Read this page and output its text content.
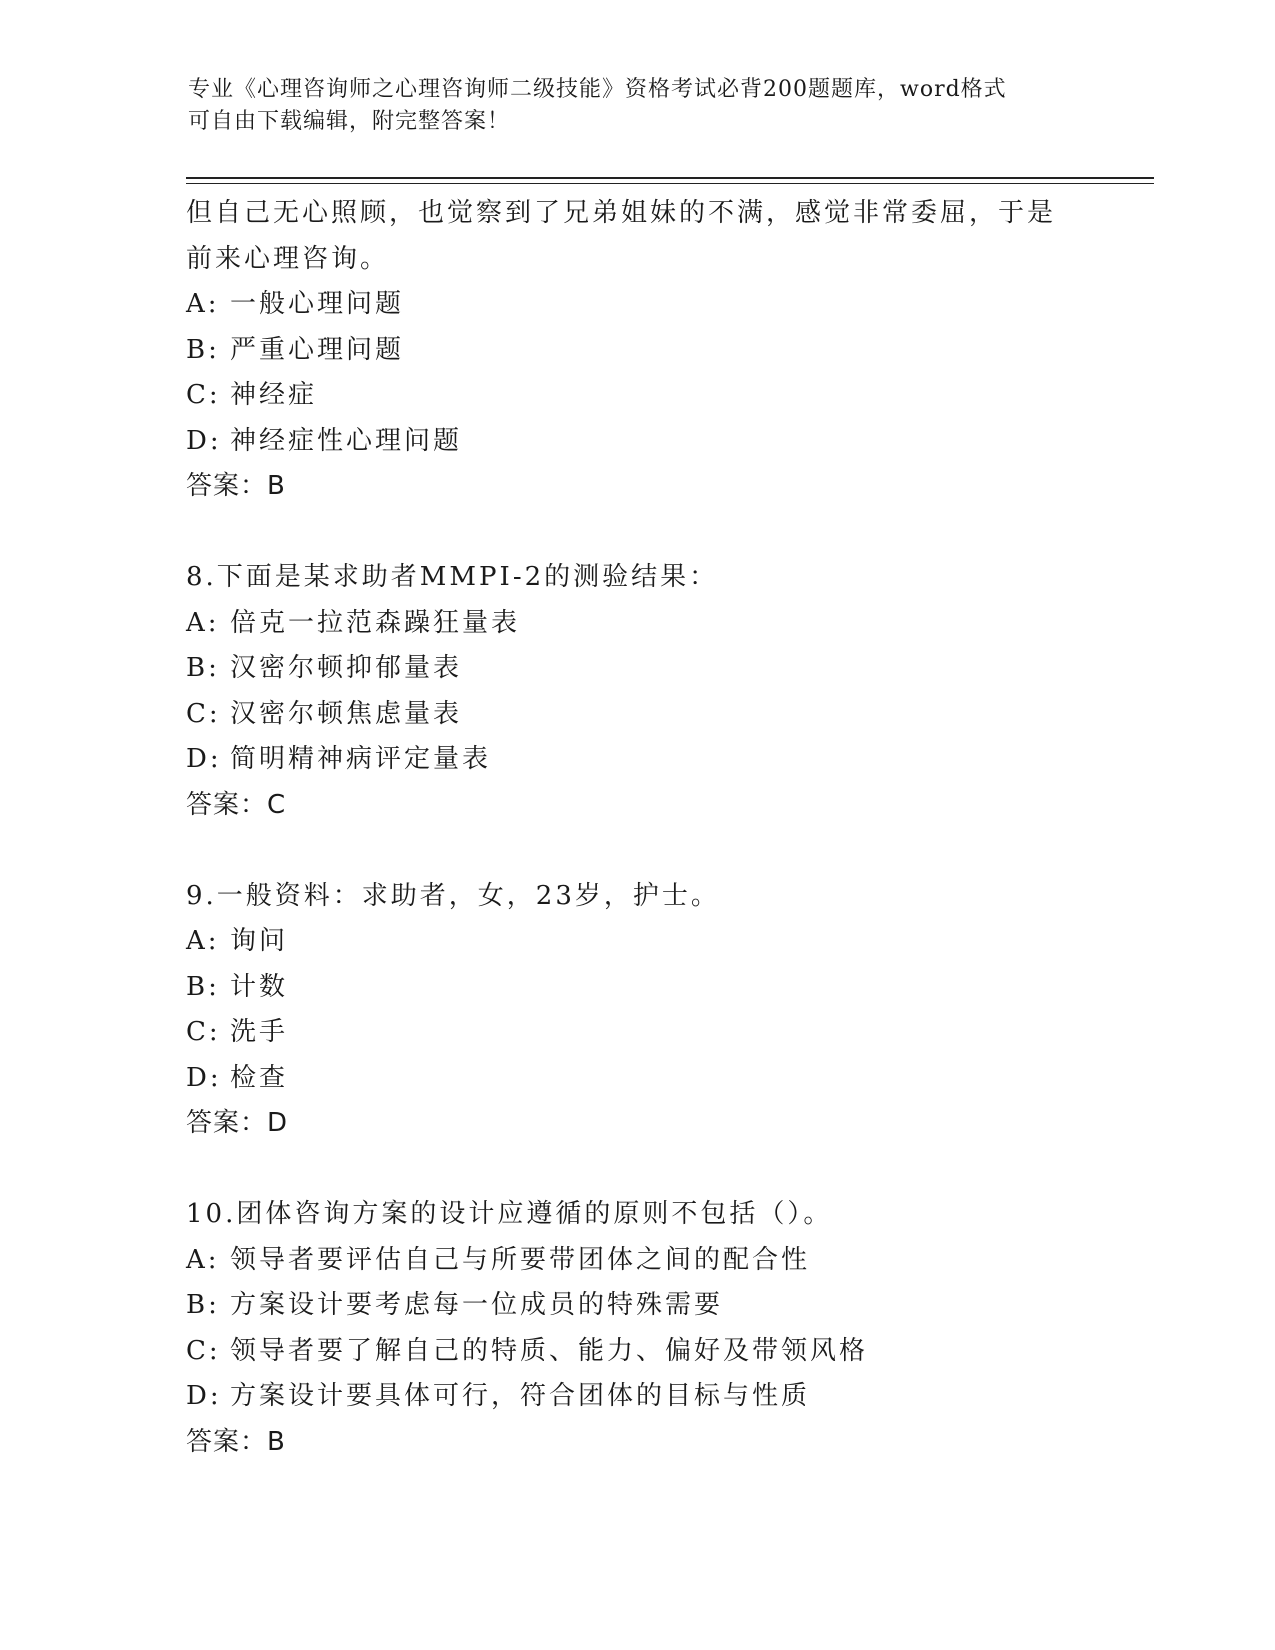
专业《心理咨询师之心理咨询师二级技能》资格考试必背200题题库，word格式
可自由下载编辑，附完整答案！
但自己无心照顾，也觉察到了兄弟姐妹的不满，感觉非常委屈，于是
前来心理咨询。
A: 一般心理问题
B: 严重心理问题
C: 神经症
D: 神经症性心理问题
答案：B
8.下面是某求助者MMPI-2的测验结果：
A: 倍克一拉范森躁狂量表
B: 汉密尔顿抑郁量表
C: 汉密尔顿焦虑量表
D: 简明精神病评定量表
答案：C
9.一般资料：求助者，女，23岁，护士。
A: 询问
B: 计数
C: 洗手
D: 检查
答案：D
10.团体咨询方案的设计应遵循的原则不包括（）。
A: 领导者要评估自己与所要带团体之间的配合性
B: 方案设计要考虑每一位成员的特殊需要
C: 领导者要了解自己的特质、能力、偏好及带领风格
D: 方案设计要具体可行，符合团体的目标与性质
答案：B
